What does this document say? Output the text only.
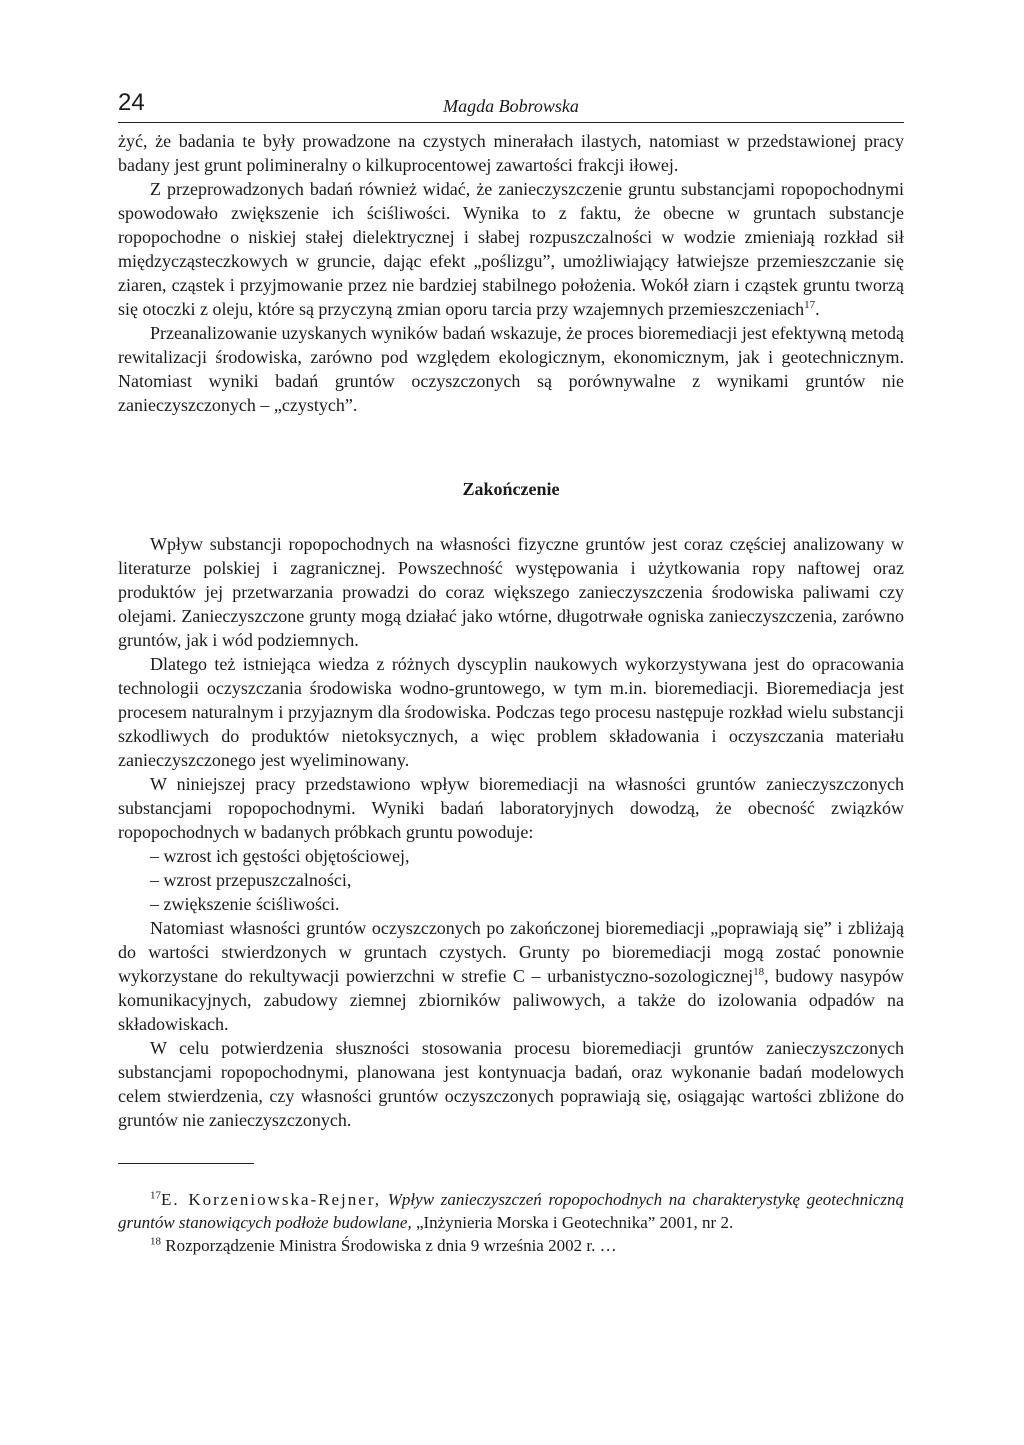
24	Magda Bobrowska

żyć, że badania te były prowadzone na czystych minerałach ilastych, natomiast w przedstawionej pracy badany jest grunt polimineralny o kilkuprocentowej zawartości frakcji iłowej.

Z przeprowadzonych badań również widać, że zanieczyszczenie gruntu substancjami ropopochodnymi spowodowało zwiększenie ich ściśliwości. Wynika to z faktu, że obecne w gruntach substancje ropopochodne o niskiej stałej dielektrycznej i słabej rozpuszczalności w wodzie zmieniają rozkład sił międzycząsteczkowych w gruncie, dając efekt „poślizgu”, umożliwiający łatwiejsze przemieszczanie się ziaren, cząstek i przyjmowanie przez nie bardziej stabilnego położenia. Wokół ziarn i cząstek gruntu tworzą się otoczki z oleju, które są przyczyną zmian oporu tarcia przy wzajemnych przemieszczeniach$^{17}$.

Przeanalizowanie uzyskanych wyników badań wskazuje, że proces bioremediacji jest efektywną metodą rewitalizacji środowiska, zarówno pod względem ekologicznym, ekonomicznym, jak i geotechnicznym. Natomiast wyniki badań gruntów oczyszczonych są porównywalne z wynikami gruntów nie zanieczyszczonych – „czystych”.

Zakończenie

Wpływ substancji ropopochodnych na własności fizyczne gruntów jest coraz częściej analizowany w literaturze polskiej i zagranicznej. Powszechność występowania i użytkowania ropy naftowej oraz produktów jej przetwarzania prowadzi do coraz większego zanieczyszczenia środowiska paliwami czy olejami. Zanieczyszczone grunty mogą działać jako wtórne, długotrwałe ogniska zanieczyszczenia, zarówno gruntów, jak i wód podziemnych.

Dlatego też istniejąca wiedza z różnych dyscyplin naukowych wykorzystywana jest do opracowania technologii oczyszczania środowiska wodno-gruntowego, w tym m.in. bioremediacji. Bioremediacja jest procesem naturalnym i przyjaznym dla środowiska. Podczas tego procesu następuje rozkład wielu substancji szkodliwych do produktów nietoksycznych, a więc problem składowania i oczyszczania materiału zanieczyszczonego jest wyeliminowany.

W niniejszej pracy przedstawiono wpływ bioremediacji na własności gruntów zanieczyszczonych substancjami ropopochodnymi. Wyniki badań laboratoryjnych dowodzą, że obecność związków ropopochodnych w badanych próbkach gruntu powoduje:

– wzrost ich gęstości objętościowej,
– wzrost przepuszczalności,
– zwiększenie ściśliwości.

Natomiast własności gruntów oczyszczonych po zakończonej bioremediacji „poprawiają się” i zbliżają do wartości stwierdzonych w gruntach czystych. Grunty po bioremediacji mogą zostać ponownie wykorzystane do rekultywacji powierzchni w strefie C – urbanistyczno-sozologicznej$^{18}$, budowy nasypów komunikacyjnych, zabudowy ziemnej zbiorników paliwowych, a także do izolowania odpadów na składowiskach.

W celu potwierdzenia słuszności stosowania procesu bioremediacji gruntów zanieczyszczonych substancjami ropopochodnymi, planowana jest kontynuacja badań, oraz wykonanie badań modelowych celem stwierdzenia, czy własności gruntów oczyszczonych poprawiają się, osiągając wartości zbliżone do gruntów nie zanieczyszczonych.

$^{17}$E. Korzeniowska-Rejner, Wpływ zanieczyszczeń ropopochodnych na charakterystykę geotechniczną gruntów stanowiących podłoże budowlane, „Inżynieria Morska i Geotechnika” 2001, nr 2.

$^{18}$ Rozporządzenie Ministra Środowiska z dnia 9 września 2002 r. …
